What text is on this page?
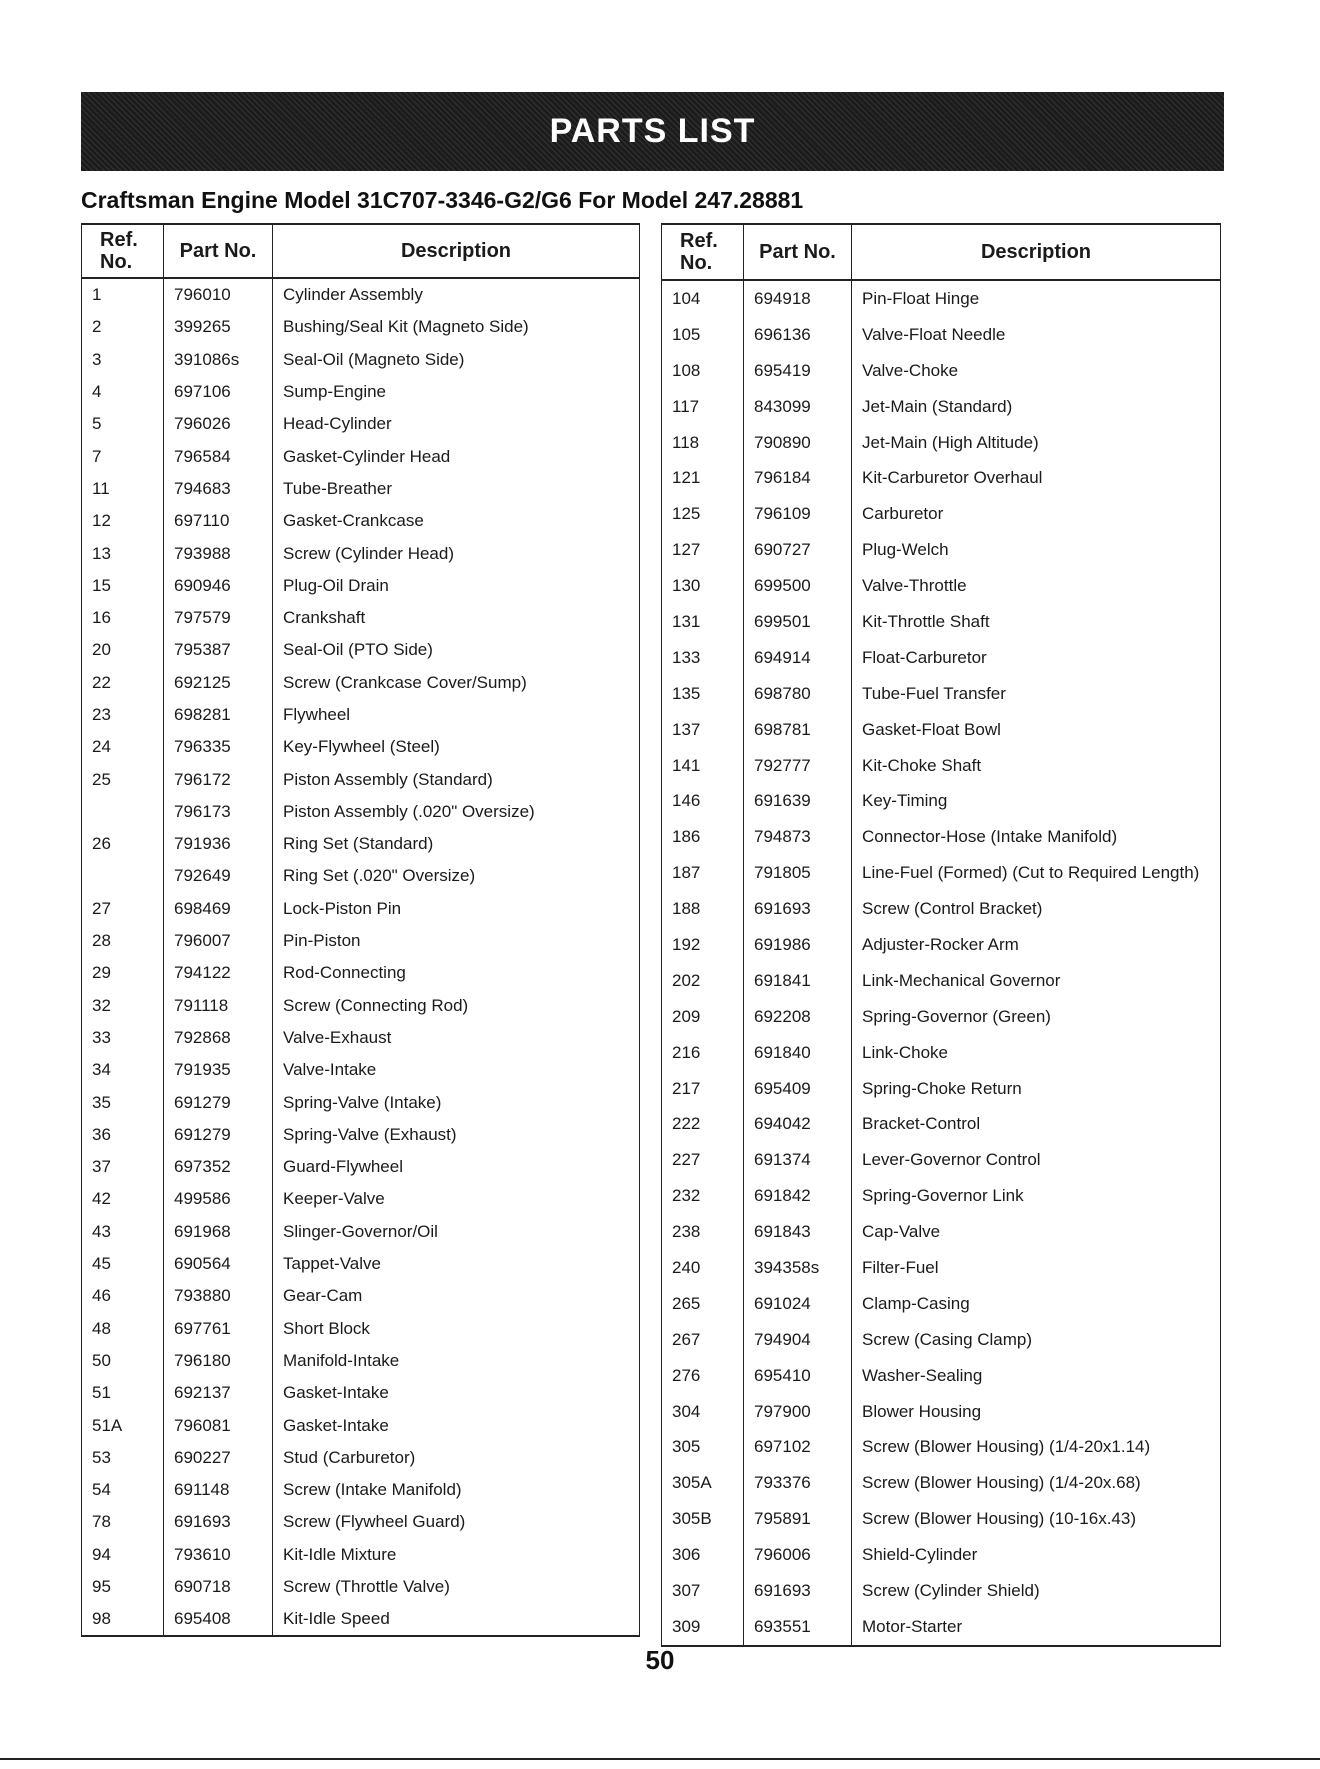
PARTS LIST
Craftsman Engine Model 31C707-3346-G2/G6 For Model 247.28881
Ref.
No.	Part No.	Description
1	796010	Cylinder Assembly
2	399265	Bushing/Seal Kit (Magneto Side)
3	391086s	Seal-Oil (Magneto Side)
4	697106	Sump-Engine
5	796026	Head-Cylinder
7	796584	Gasket-Cylinder Head
11	794683	Tube-Breather
12	697110	Gasket-Crankcase
13	793988	Screw (Cylinder Head)
15	690946	Plug-Oil Drain
16	797579	Crankshaft
20	795387	Seal-Oil (PTO Side)
22	692125	Screw (Crankcase Cover/Sump)
23	698281	Flywheel
24	796335	Key-Flywheel (Steel)
25	796172	Piston Assembly (Standard)
	796173	Piston Assembly (.020" Oversize)
26	791936	Ring Set (Standard)
	792649	Ring Set (.020" Oversize)
27	698469	Lock-Piston Pin
28	796007	Pin-Piston
29	794122	Rod-Connecting
32	791118	Screw (Connecting Rod)
33	792868	Valve-Exhaust
34	791935	Valve-Intake
35	691279	Spring-Valve (Intake)
36	691279	Spring-Valve (Exhaust)
37	697352	Guard-Flywheel
42	499586	Keeper-Valve
43	691968	Slinger-Governor/Oil
45	690564	Tappet-Valve
46	793880	Gear-Cam
48	697761	Short Block
50	796180	Manifold-Intake
51	692137	Gasket-Intake
51A	796081	Gasket-Intake
53	690227	Stud (Carburetor)
54	691148	Screw (Intake Manifold)
78	691693	Screw (Flywheel Guard)
94	793610	Kit-Idle Mixture
95	690718	Screw (Throttle Valve)
98	695408	Kit-Idle Speed
Ref.
No.	Part No.	Description
104	694918	Pin-Float Hinge
105	696136	Valve-Float Needle
108	695419	Valve-Choke
117	843099	Jet-Main (Standard)
118	790890	Jet-Main (High Altitude)
121	796184	Kit-Carburetor Overhaul
125	796109	Carburetor
127	690727	Plug-Welch
130	699500	Valve-Throttle
131	699501	Kit-Throttle Shaft
133	694914	Float-Carburetor
135	698780	Tube-Fuel Transfer
137	698781	Gasket-Float Bowl
141	792777	Kit-Choke Shaft
146	691639	Key-Timing
186	794873	Connector-Hose (Intake Manifold)
187	791805	Line-Fuel (Formed) (Cut to Required Length)
188	691693	Screw (Control Bracket)
192	691986	Adjuster-Rocker Arm
202	691841	Link-Mechanical Governor
209	692208	Spring-Governor (Green)
216	691840	Link-Choke
217	695409	Spring-Choke Return
222	694042	Bracket-Control
227	691374	Lever-Governor Control
232	691842	Spring-Governor Link
238	691843	Cap-Valve
240	394358s	Filter-Fuel
265	691024	Clamp-Casing
267	794904	Screw (Casing Clamp)
276	695410	Washer-Sealing
304	797900	Blower Housing
305	697102	Screw (Blower Housing) (1/4-20x1.14)
305A	793376	Screw (Blower Housing) (1/4-20x.68)
305B	795891	Screw (Blower Housing) (10-16x.43)
306	796006	Shield-Cylinder
307	691693	Screw (Cylinder Shield)
309	693551	Motor-Starter
50
